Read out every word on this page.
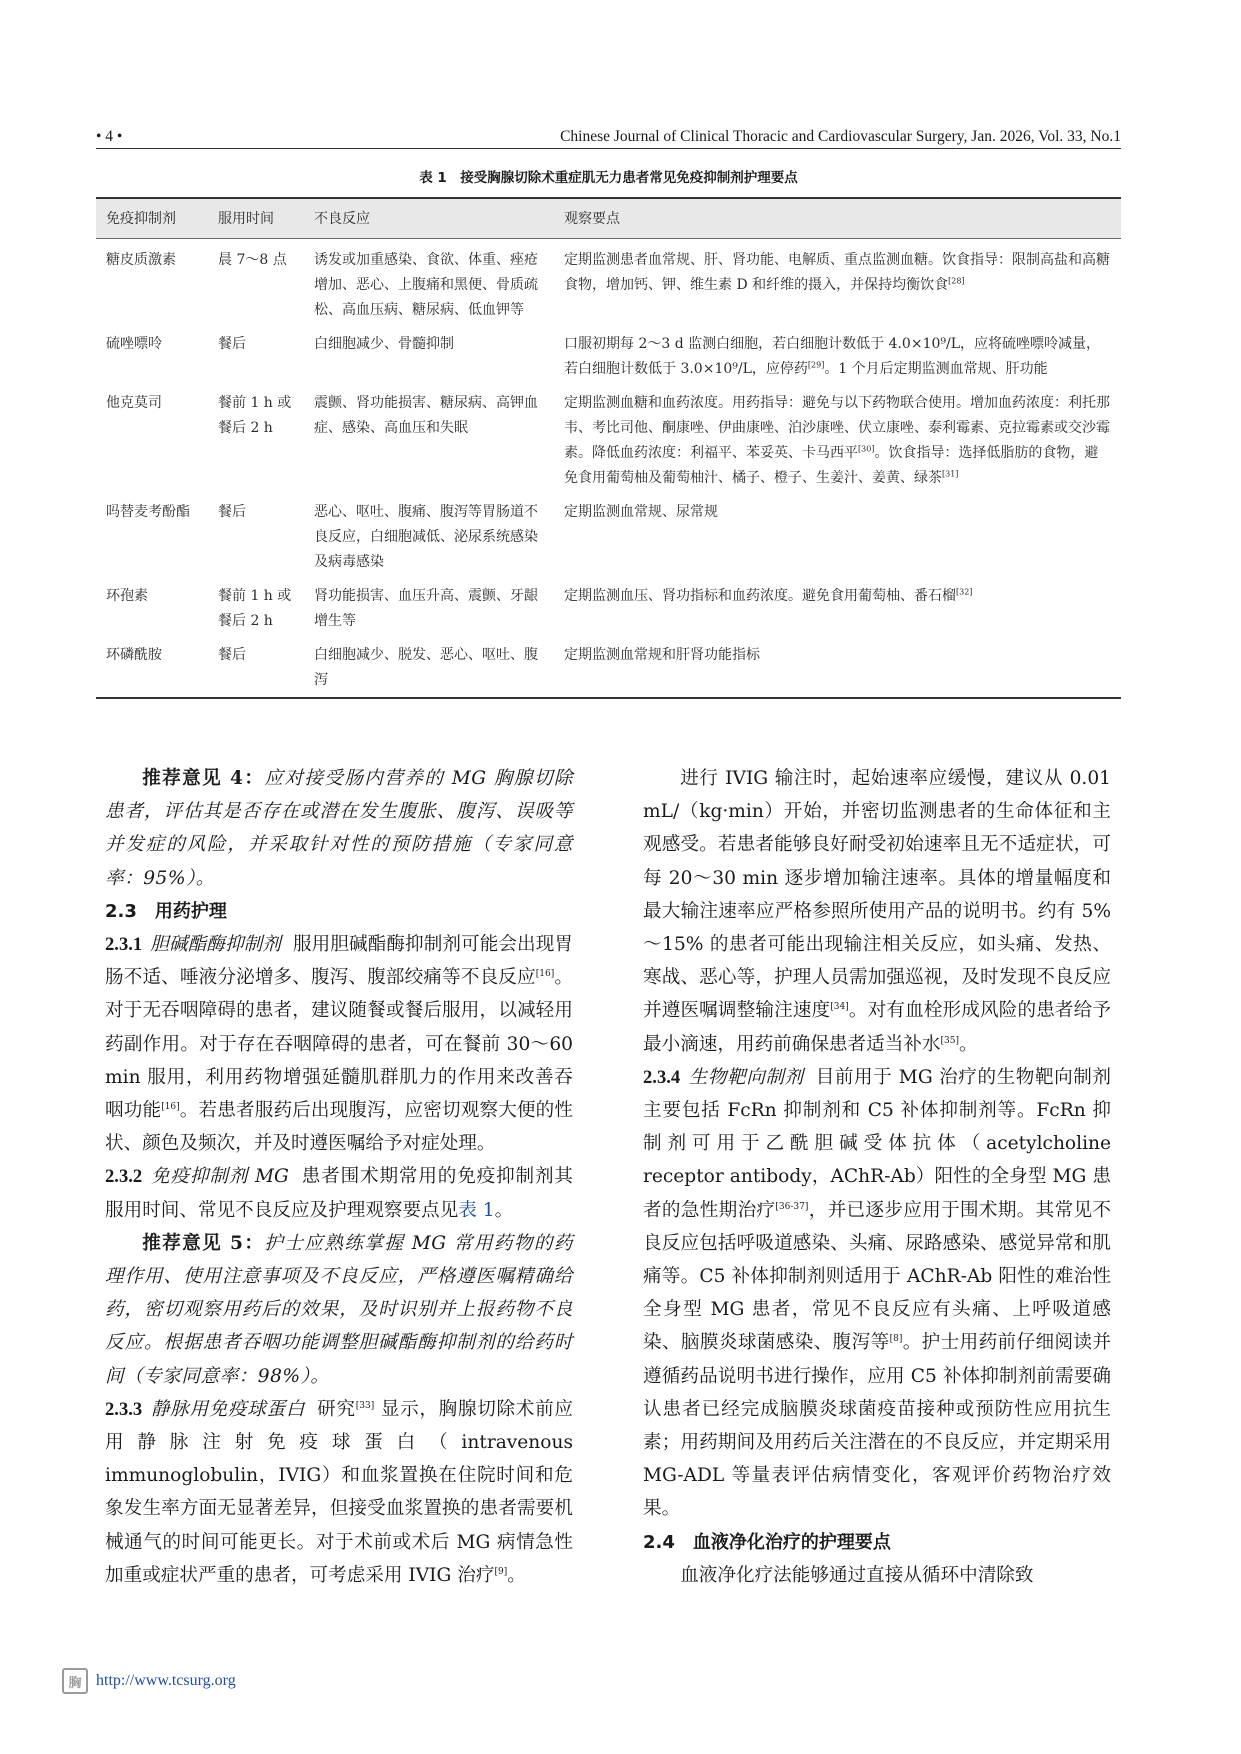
• 4 •	Chinese Journal of Clinical Thoracic and Cardiovascular Surgery, Jan. 2026, Vol. 33, No.1
表 1　接受胸腺切除术重症肌无力患者常见免疫抑制剂护理要点
免疫抑制剂	服用时间	不良反应	观察要点
糖皮质激素	晨 7～8 点	诱发或加重感染、食欲、体重、痤疮增加、恶心、上腹痛和黑便、骨质疏松、高血压病、糖尿病、低血钾等	定期监测患者血常规、肝、肾功能、电解质、重点监测血糖。饮食指导：限制高盐和高糖食物，增加钙、钾、维生素 D 和纤维的摄入，并保持均衡饮食[28]
硫唑嘌呤	餐后	白细胞减少、骨髓抑制	口服初期每 2～3 d 监测白细胞，若白细胞计数低于 4.0×10⁹/L，应将硫唑嘌呤减量，若白细胞计数低于 3.0×10⁹/L，应停药[29]。1 个月后定期监测血常规、肝功能
他克莫司	餐前 1 h 或餐后 2 h	震颤、肾功能损害、糖尿病、高钾血症、感染、高血压和失眠	定期监测血糖和血药浓度。用药指导：避免与以下药物联合使用。增加血药浓度：利托那韦、考比司他、酮康唑、伊曲康唑、泊沙康唑、伏立康唑、泰利霉素、克拉霉素或交沙霉素。降低血药浓度：利福平、苯妥英、卡马西平[30]。饮食指导：选择低脂肪的食物，避免食用葡萄柚及葡萄柚汁、橘子、橙子、生姜汁、姜黄、绿茶[31]
吗替麦考酚酯	餐后	恶心、呕吐、腹痛、腹泻等胃肠道不良反应，白细胞减低、泌尿系统感染及病毒感染	定期监测血常规、尿常规
环孢素	餐前 1 h 或餐后 2 h	肾功能损害、血压升高、震颤、牙龈增生等	定期监测血压、肾功指标和血药浓度。避免食用葡萄柚、番石榴[32]
环磷酰胺	餐后	白细胞减少、脱发、恶心、呕吐、腹泻	定期监测血常规和肝肾功能指标

推荐意见 4：应对接受肠内营养的 MG 胸腺切除患者，评估其是否存在或潜在发生腹胀、腹泻、误吸等并发症的风险，并采取针对性的预防措施（专家同意率：95%）。

2.3　 用药护理

2.3.1 胆碱酯酶抑制剂 服用胆碱酯酶抑制剂可能会出现胃肠不适、唾液分泌增多、腹泻、腹部绞痛等不良反应[16]。对于无吞咽障碍的患者，建议随餐或餐后服用，以减轻用药副作用。对于存在吞咽障碍的患者，可在餐前 30～60 min 服用，利用药物增强延髓肌群肌力的作用来改善吞咽功能[16]。若患者服药后出现腹泻，应密切观察大便的性状、颜色及频次，并及时遵医嘱给予对症处理。

2.3.2 免疫抑制剂 MG 患者围术期常用的免疫抑制剂其服用时间、常见不良反应及护理观察要点见表 1。

推荐意见 5：护士应熟练掌握 MG 常用药物的药理作用、使用注意事项及不良反应，严格遵医嘱精确给药，密切观察用药后的效果，及时识别并上报药物不良反应。根据患者吞咽功能调整胆碱酯酶抑制剂的给药时间（专家同意率：98%）。

2.3.3 静脉用免疫球蛋白 研究[33] 显示，胸腺切除术前应用静脉注射免疫球蛋白（intravenous immunoglobulin，IVIG）和血浆置换在住院时间和危象发生率方面无显著差异，但接受血浆置换的患者需要机械通气的时间可能更长。对于术前或术后 MG 病情急性加重或症状严重的患者，可考虑采用 IVIG 治疗[9]。

进行 IVIG 输注时，起始速率应缓慢，建议从 0.01 mL/（kg·min）开始，并密切监测患者的生命体征和主观感受。若患者能够良好耐受初始速率且无不适症状，可每 20～30 min 逐步增加输注速率。具体的增量幅度和最大输注速率应严格参照所使用产品的说明书。约有 5%～15% 的患者可能出现输注相关反应，如头痛、发热、寒战、恶心等，护理人员需加强巡视，及时发现不良反应并遵医嘱调整输注速度[34]。对有血栓形成风险的患者给予最小滴速，用药前确保患者适当补水[35]。

2.3.4 生物靶向制剂 目前用于 MG 治疗的生物靶向制剂主要包括 FcRn 抑制剂和 C5 补体抑制剂等。FcRn 抑制剂可用于乙酰胆碱受体抗体（acetylcholine receptor antibody，AChR-Ab）阳性的全身型 MG 患者的急性期治疗[36-37]，并已逐步应用于围术期。其常见不良反应包括呼吸道感染、头痛、尿路感染、感觉异常和肌痛等。C5 补体抑制剂则适用于 AChR-Ab 阳性的难治性全身型 MG 患者，常见不良反应有头痛、上呼吸道感染、脑膜炎球菌感染、腹泻等[8]。护士用药前仔细阅读并遵循药品说明书进行操作，应用 C5 补体抑制剂前需要确认患者已经完成脑膜炎球菌疫苗接种或预防性应用抗生素；用药期间及用药后关注潜在的不良反应，并定期采用 MG-ADL 等量表评估病情变化，客观评价药物治疗效果。

2.4　 血液净化治疗的护理要点

血液净化疗法能够通过直接从循环中清除致

胸 http://www.tcsurg.org
